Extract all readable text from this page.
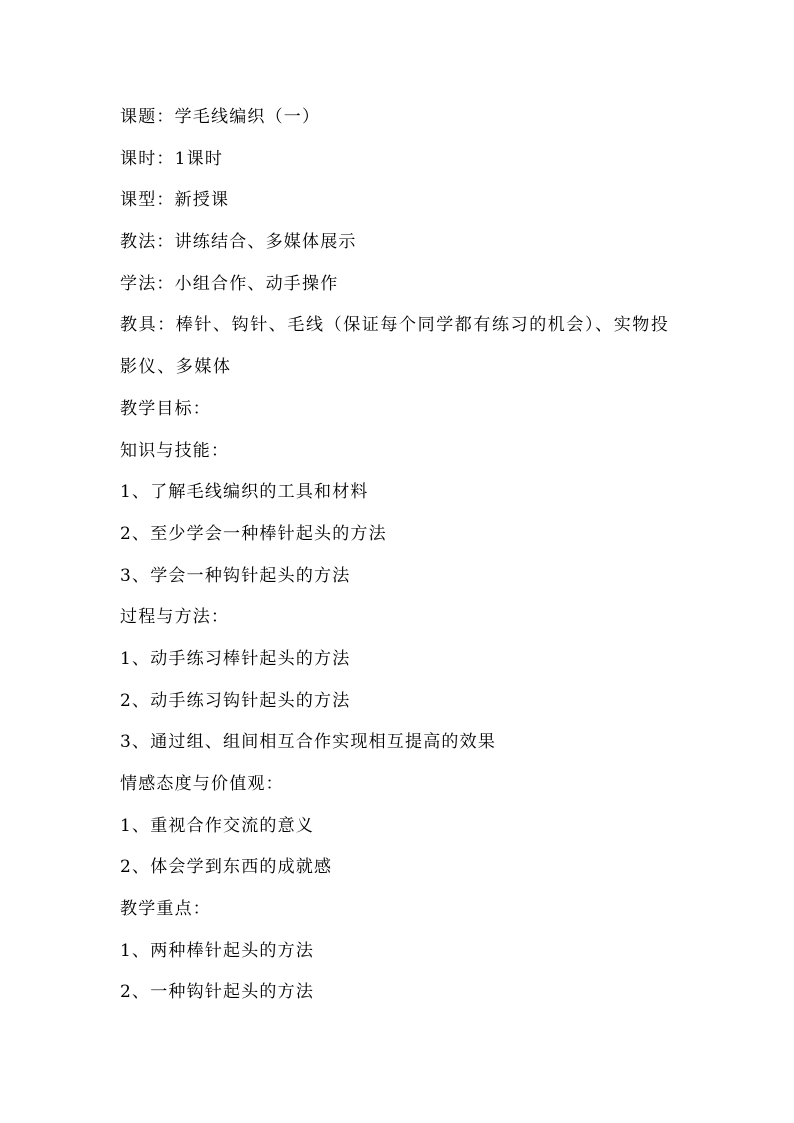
课题：学毛线编织（一）
课时：1课时
课型：新授课
教法：讲练结合、多媒体展示
学法：小组合作、动手操作
教具：棒针、钩针、毛线（保证每个同学都有练习的机会）、实物投影仪、多媒体
教学目标：
知识与技能：
1、了解毛线编织的工具和材料
2、至少学会一种棒针起头的方法
3、学会一种钩针起头的方法
过程与方法：
1、动手练习棒针起头的方法
2、动手练习钩针起头的方法
3、通过组、组间相互合作实现相互提高的效果
情感态度与价值观：
1、重视合作交流的意义
2、体会学到东西的成就感
教学重点：
1、两种棒针起头的方法
2、一种钩针起头的方法
